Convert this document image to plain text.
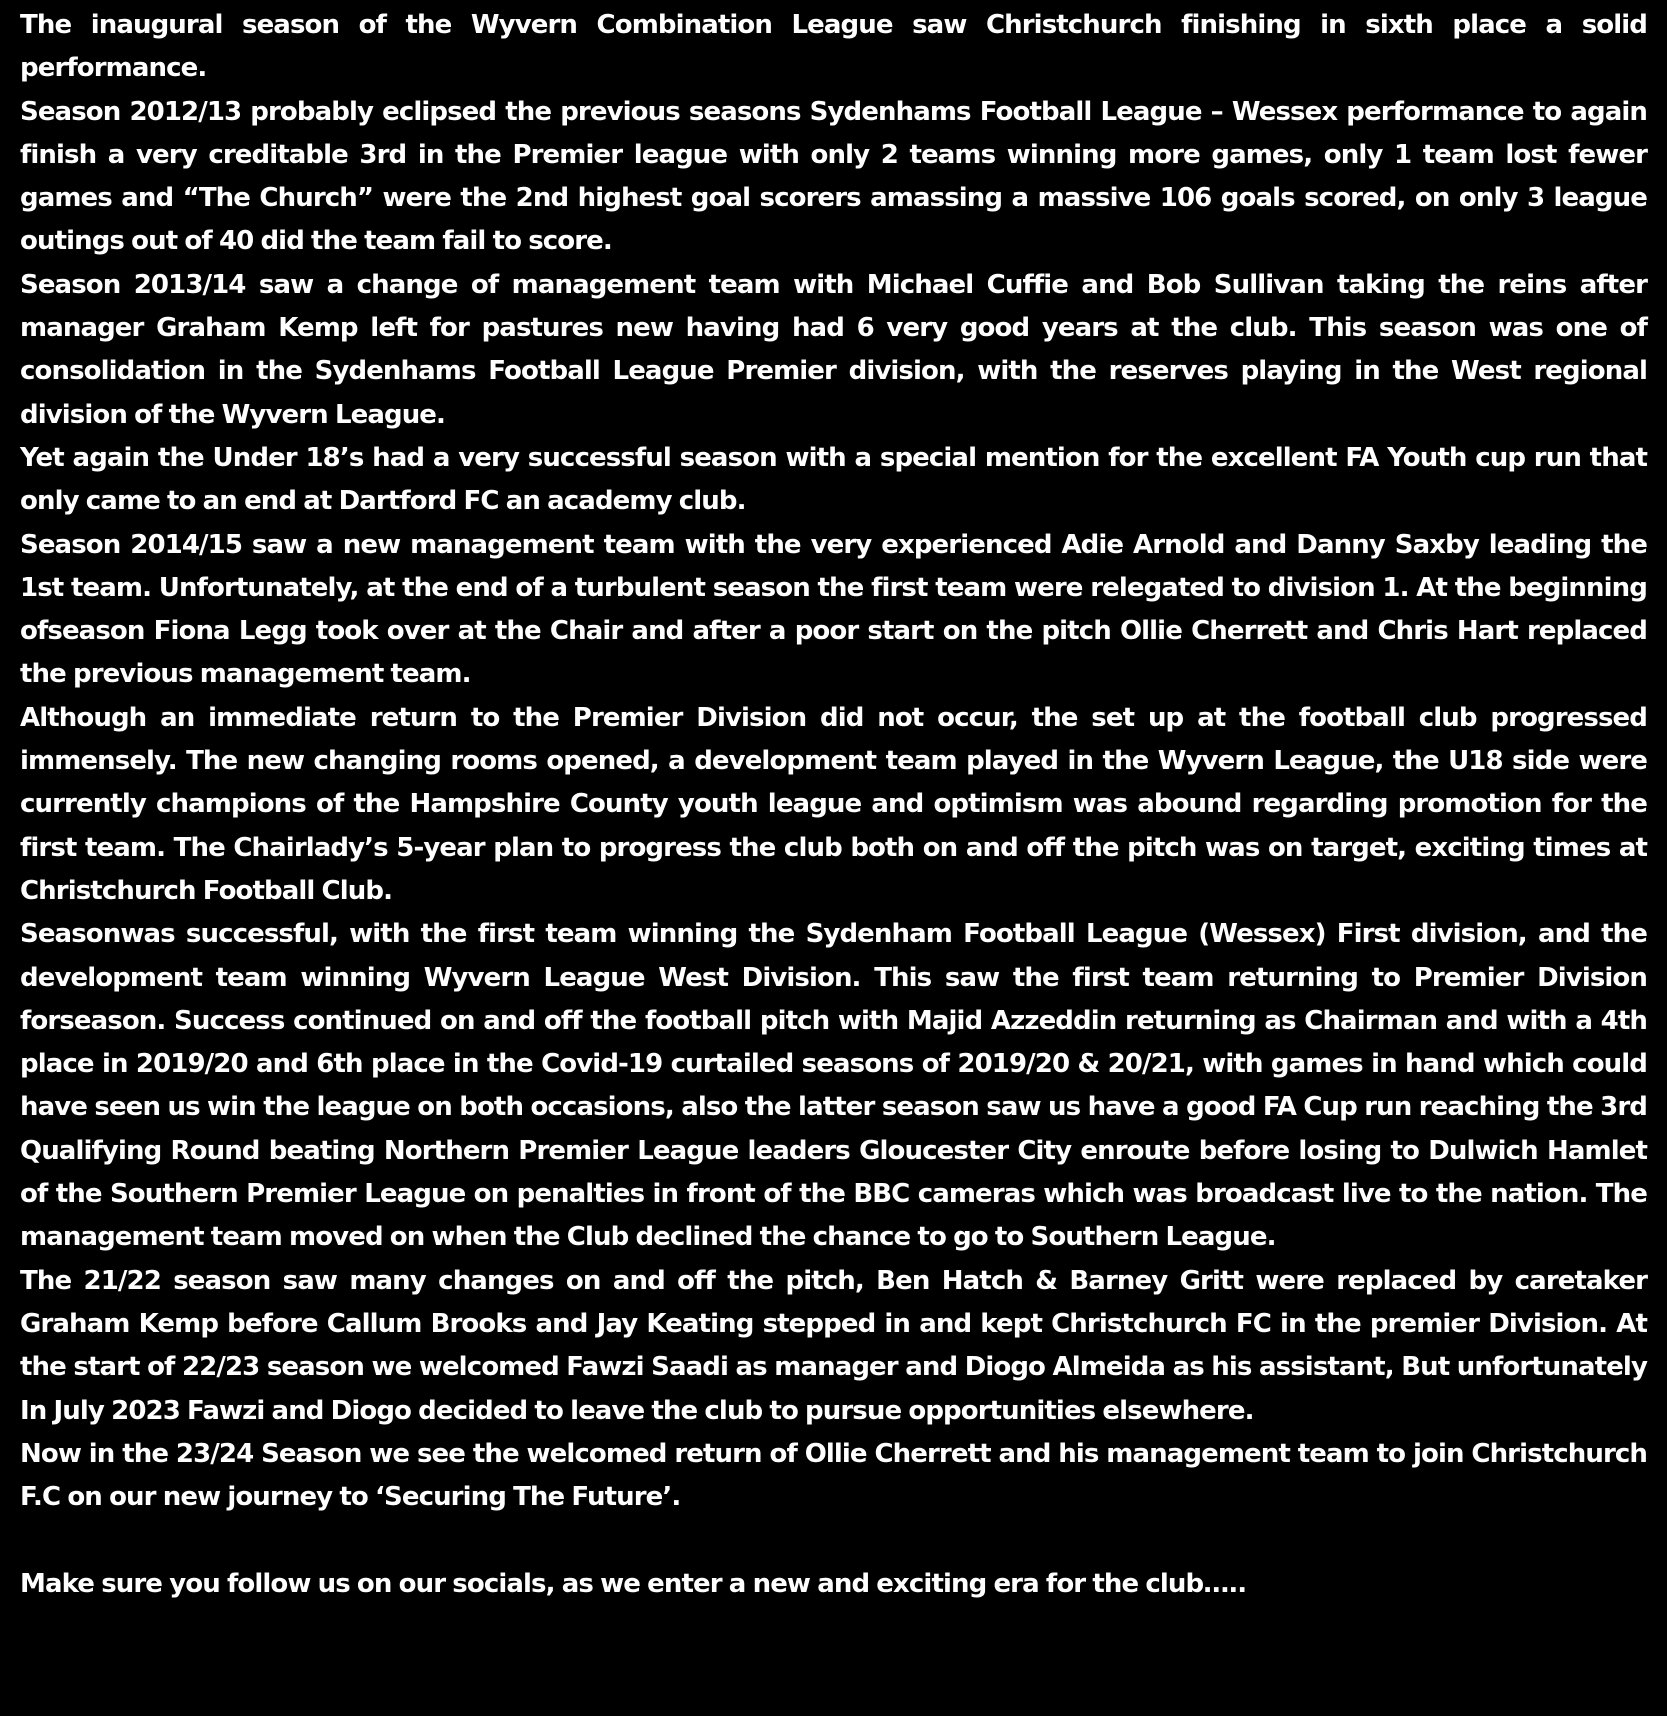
The inaugural season of the Wyvern Combination League saw Christchurch finishing in sixth place a solid performance.

Season 2012/13 probably eclipsed the previous seasons Sydenhams Football League – Wessex performance to again finish a very creditable 3rd in the Premier league with only 2 teams winning more games, only 1 team lost fewer games and “The Church” were the 2nd highest goal scorers amassing a massive 106 goals scored, on only 3 league outings out of 40 did the team fail to score.

Season 2013/14 saw a change of management team with Michael Cuffie and Bob Sullivan taking the reins after manager Graham Kemp left for pastures new having had 6 very good years at the club. This season was one of consolidation in the Sydenhams Football League Premier division, with the reserves playing in the West regional division of the Wyvern League.

Yet again the Under 18’s had a very successful season with a special mention for the excellent FA Youth cup run that only came to an end at Dartford FC an academy club.

Season 2014/15 saw a new management team with the very experienced Adie Arnold and Danny Saxby leading the 1st team. Unfortunately, at the end of a turbulent season the first team were relegated to division 1. At the beginning ofseason Fiona Legg took over at the Chair and after a poor start on the pitch Ollie Cherrett and Chris Hart replaced the previous management team.

Although an immediate return to the Premier Division did not occur, the set up at the football club progressed immensely. The new changing rooms opened, a development team played in the Wyvern League, the U18 side were currently champions of the Hampshire County youth league and optimism was abound regarding promotion for the first team. The Chairlady’s 5-year plan to progress the club both on and off the pitch was on target, exciting times at Christchurch Football Club.

Seasonwas successful, with the first team winning the Sydenham Football League (Wessex) First division, and the development team winning Wyvern League West Division. This saw the first team returning to Premier Division forseason. Success continued on and off the football pitch with Majid Azzeddin returning as Chairman and with a 4th place in 2019/20 and 6th place in the Covid-19 curtailed seasons of 2019/20 & 20/21, with games in hand which could have seen us win the league on both occasions, also the latter season saw us have a good FA Cup run reaching the 3rd Qualifying Round beating Northern Premier League leaders Gloucester City enroute before losing to Dulwich Hamlet of the Southern Premier League on penalties in front of the BBC cameras which was broadcast live to the nation. The management team moved on when the Club declined the chance to go to Southern League.

The 21/22 season saw many changes on and off the pitch, Ben Hatch & Barney Gritt were replaced by caretaker Graham Kemp before Callum Brooks and Jay Keating stepped in and kept Christchurch FC in the premier Division. At the start of 22/23 season we welcomed Fawzi Saadi as manager and Diogo Almeida as his assistant, But unfortunately In July 2023 Fawzi and Diogo decided to leave the club to pursue opportunities elsewhere.

Now in the 23/24 Season we see the welcomed return of Ollie Cherrett and his management team to join Christchurch F.C on our new journey to ‘Securing The Future’.

Make sure you follow us on our socials, as we enter a new and exciting era for the club…..
